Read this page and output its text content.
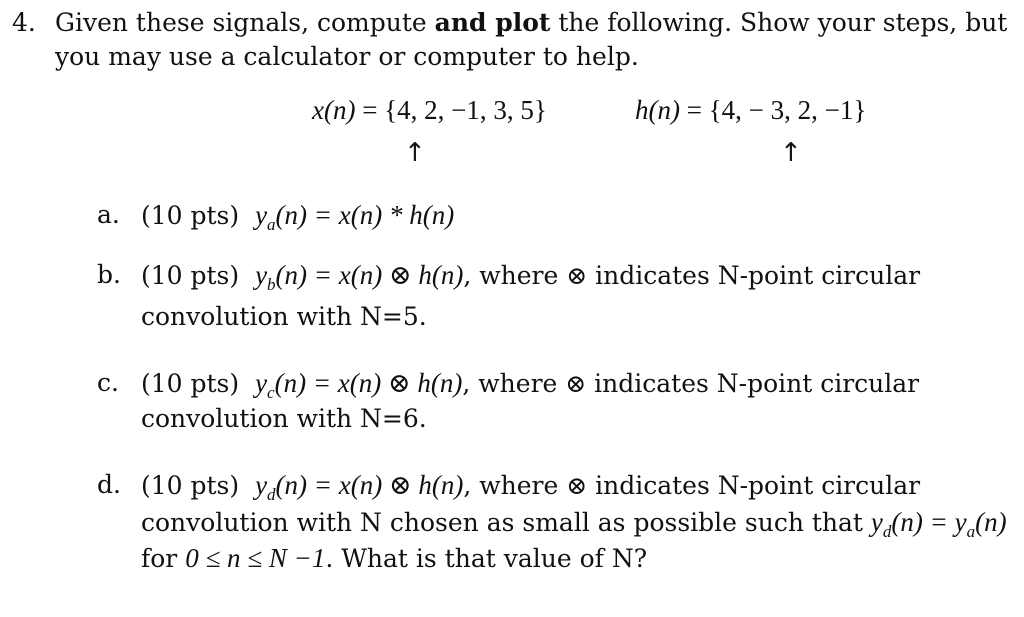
4. Given these signals, compute and plot the following. Show your steps, but
you may use a calculator or computer to help.
x(n) = {4, 2, −1, 3, 5}	h(n) = {4, − 3, 2, −1}
↑	↑
a. (10 pts) $y_a(n) = x(n) * h(n)$
b. (10 pts) $y_b(n) = x(n)$ ⊗ h(n), where ⊗ indicates N-point circular
convolution with N=5.
c. (10 pts) $y_c(n) = x(n)$ ⊗ h(n), where ⊗ indicates N-point circular
convolution with N=6.
d. (10 pts) $y_d(n) = x(n)$ ⊗ h(n), where ⊗ indicates N-point circular
convolution with N chosen as small as possible such that $y_d(n) = y_a(n)$
for 0 ≤ n ≤ N −1. What is that value of N?
